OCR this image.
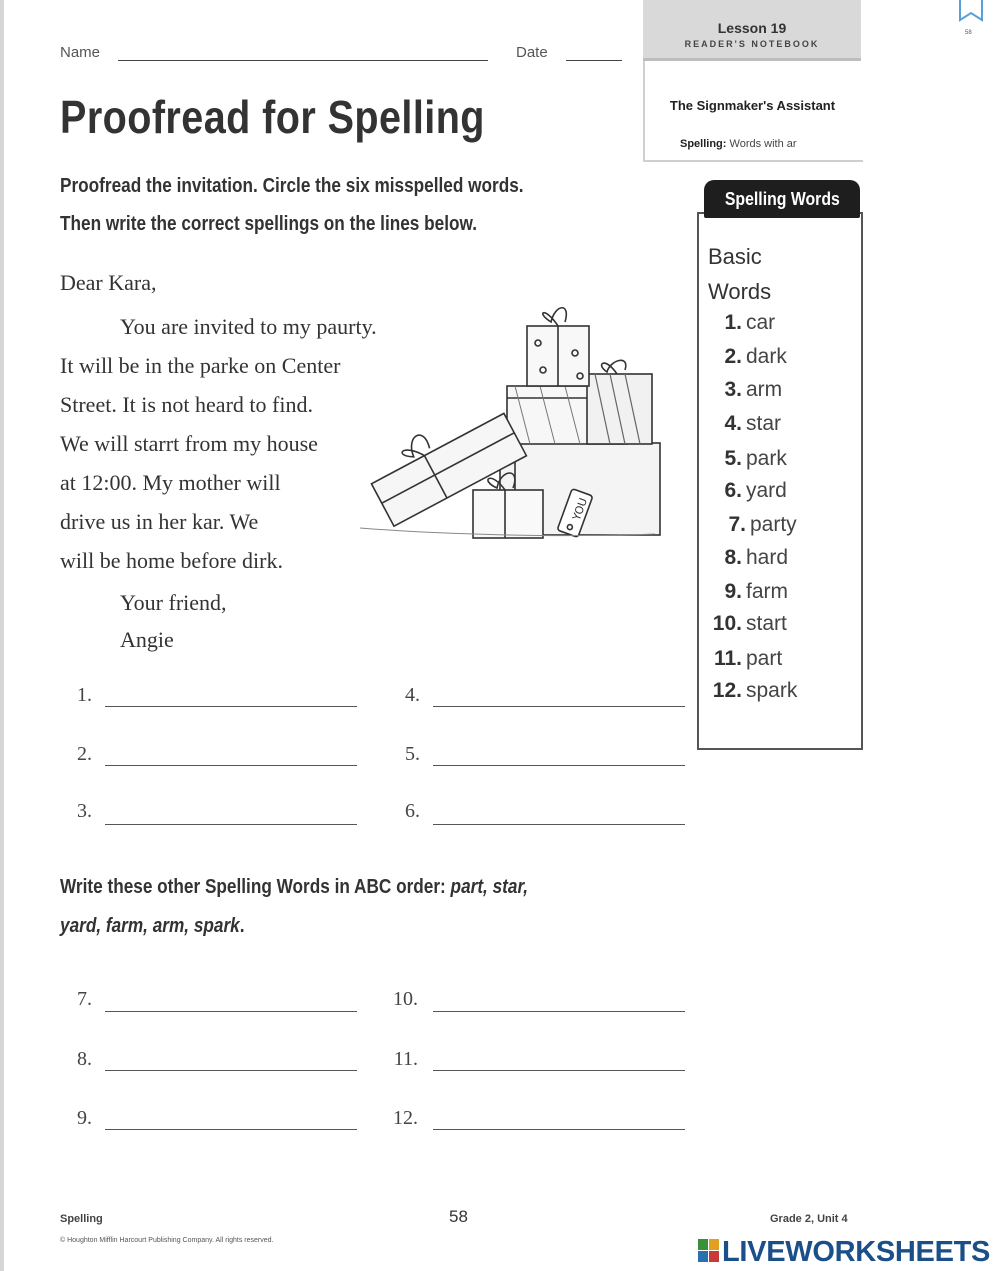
Name	Date
Lesson 19
READER'S NOTEBOOK
The Signmaker's Assistant
Spelling: Words with ar
58
Proofread for Spelling
Proofread the invitation. Circle the six misspelled words.
Then write the correct spellings on the lines below.
Dear Kara,
You are invited to my paurty.
It will be in the parke on Center
Street. It is not heard to find.
We will starrt from my house
at 12:00. My mother will
drive us in her kar. We
will be home before dirk.
Your friend,
Angie
YOU
Spelling Words
Basic
Words
1. car
2. dark
3. arm
4. star
5. park
6. yard
7. party
8. hard
9. farm
10. start
11. part
12. spark
1.
2.
3.
4.
5.
6.
Write these other Spelling Words in ABC order: part, star,
yard, farm, arm, spark.
7.
8.
9.
10.
11.
12.
Spelling	58	Grade 2, Unit 4
© Houghton Mifflin Harcourt Publishing Company. All rights reserved.	LIVEWORKSHEETS
